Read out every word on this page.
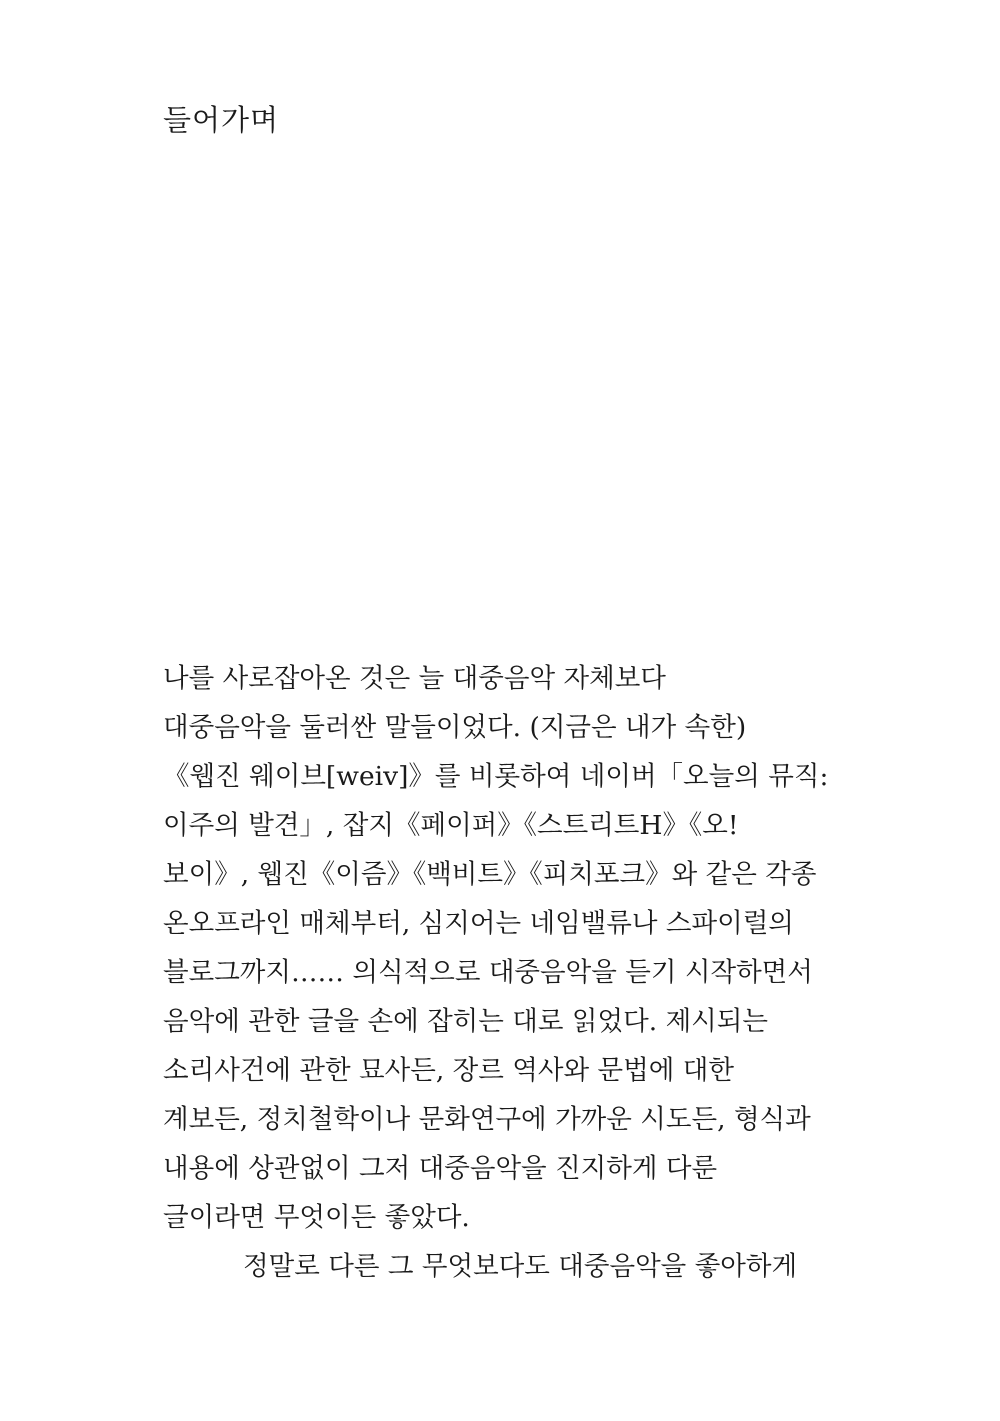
들어가며
나를 사로잡아온 것은 늘 대중음악 자체보다
대중음악을 둘러싼 말들이었다. (지금은 내가 속한)
《웹진 웨이브[weiv]》를 비롯하여 네이버「오늘의 뮤직:
이주의 발견」, 잡지《페이퍼》《스트리트H》《오!
보이》, 웹진《이즘》《백비트》《피치포크》와 같은 각종
온오프라인 매체부터, 심지어는 네임밸류나 스파이럴의
블로그까지…… 의식적으로 대중음악을 듣기 시작하면서
음악에 관한 글을 손에 잡히는 대로 읽었다. 제시되는
소리사건에 관한 묘사든, 장르 역사와 문법에 대한
계보든, 정치철학이나 문화연구에 가까운 시도든, 형식과
내용에 상관없이 그저 대중음악을 진지하게 다룬
글이라면 무엇이든 좋았다.
정말로 다른 그 무엇보다도 대중음악을 좋아하게
